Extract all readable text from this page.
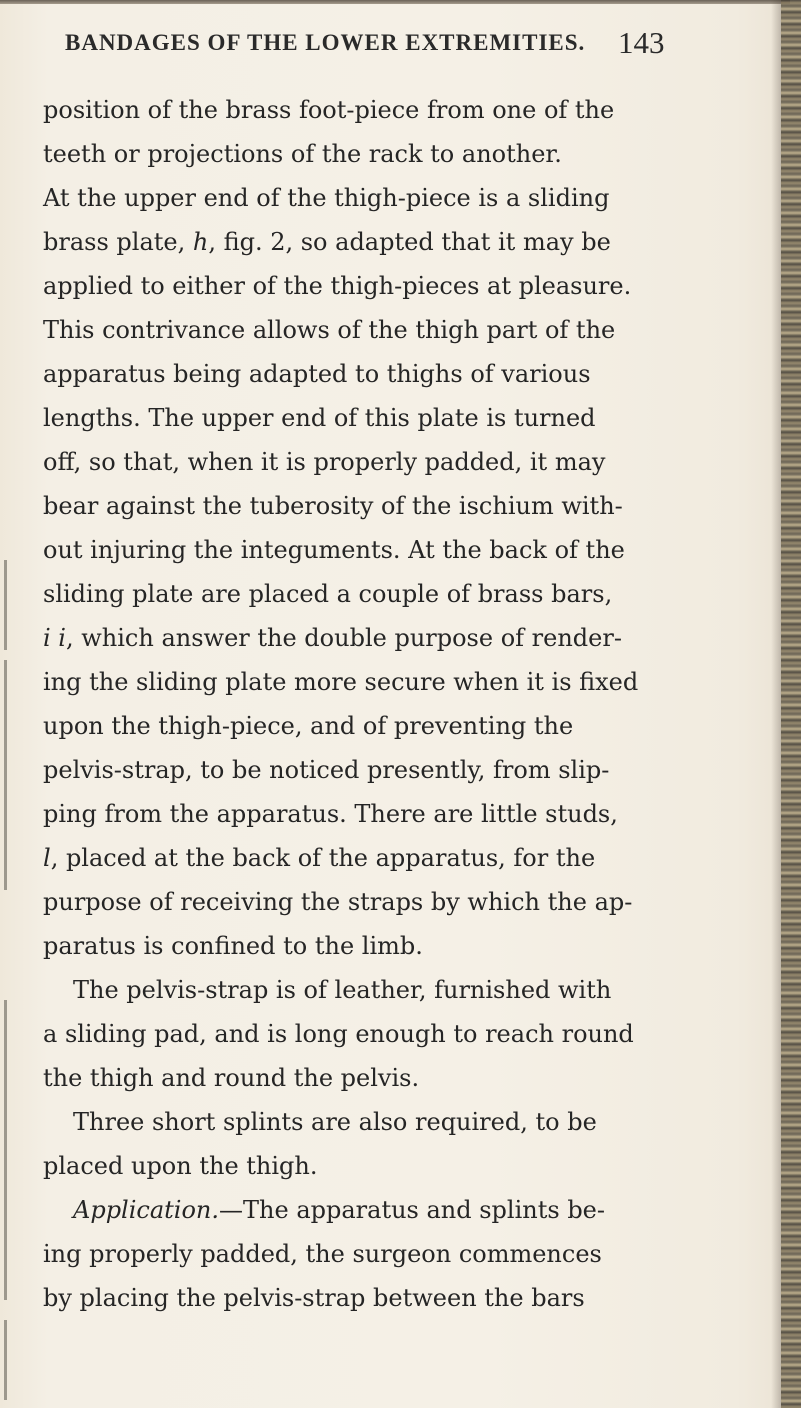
BANDAGES OF THE LOWER EXTREMITIES. 143
position of the brass foot-piece from one of the
teeth or projections of the rack to another.
At the upper end of the thigh-piece is a sliding
brass plate, h, fig. 2, so adapted that it may be
applied to either of the thigh-pieces at pleasure.
This contrivance allows of the thigh part of the
apparatus being adapted to thighs of various
lengths. The upper end of this plate is turned
off, so that, when it is properly padded, it may
bear against the tuberosity of the ischium with-
out injuring the integuments. At the back of the
sliding plate are placed a couple of brass bars,
i i, which answer the double purpose of render-
ing the sliding plate more secure when it is fixed
upon the thigh-piece, and of preventing the
pelvis-strap, to be noticed presently, from slip-
ping from the apparatus. There are little studs,
l, placed at the back of the apparatus, for the
purpose of receiving the straps by which the ap-
paratus is confined to the limb.
The pelvis-strap is of leather, furnished with
a sliding pad, and is long enough to reach round
the thigh and round the pelvis.
Three short splints are also required, to be
placed upon the thigh.
Application.—The apparatus and splints be-
ing properly padded, the surgeon commences
by placing the pelvis-strap between the bars
